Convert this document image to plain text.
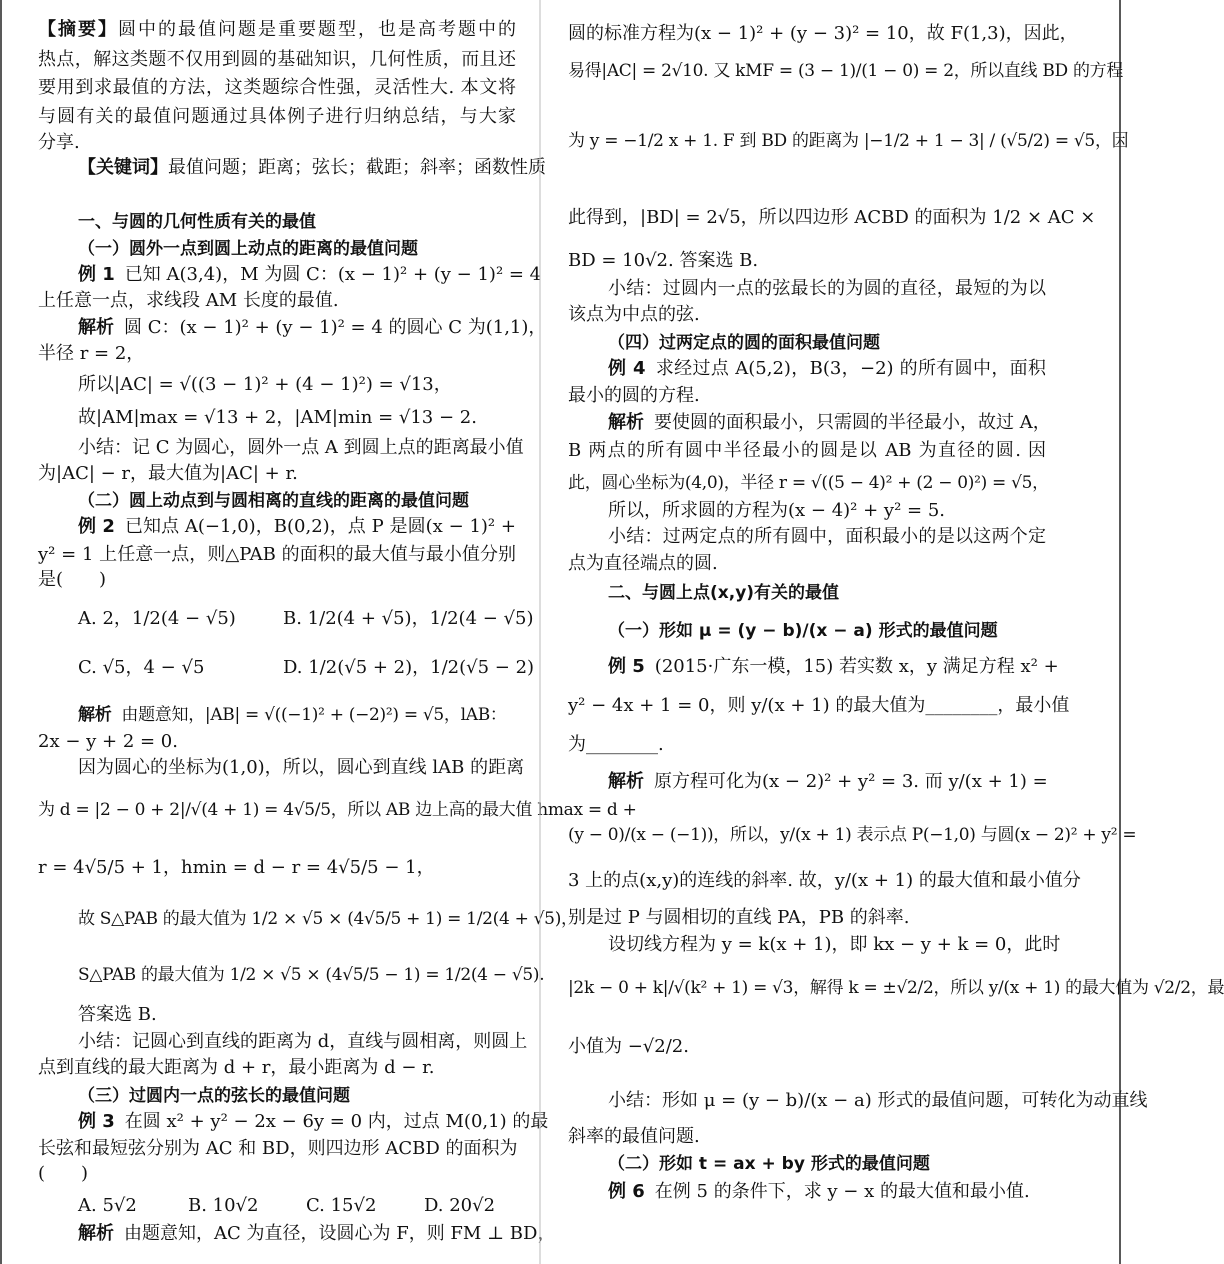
【摘要】圆中的最值问题是重要题型，也是高考题中的
热点，解这类题不仅用到圆的基础知识，几何性质，而且还
要用到求最值的方法，这类题综合性强，灵活性大. 本文将
与圆有关的最值问题通过具体例子进行归纳总结，与大家
分享.
【关键词】最值问题；距离；弦长；截距；斜率；函数性质
一、与圆的几何性质有关的最值
（一）圆外一点到圆上动点的距离的最值问题
例 1 已知 A(3,4)，M 为圆 C：(x − 1)² + (y − 1)² = 4
上任意一点，求线段 AM 长度的最值.
解析 圆 C：(x − 1)² + (y − 1)² = 4 的圆心 C 为(1,1)，
半径 r = 2，
所以|AC| = √((3 − 1)² + (4 − 1)²) = √13，
故|AM|max = √13 + 2，|AM|min = √13 − 2.
小结：记 C 为圆心，圆外一点 A 到圆上点的距离最小值
为|AC| − r，最大值为|AC| + r.
（二）圆上动点到与圆相离的直线的距离的最值问题
例 2 已知点 A(−1,0)，B(0,2)，点 P 是圆(x − 1)² +
y² = 1 上任意一点，则△PAB 的面积的最大值与最小值分别
是(　　)
A. 2，1/2(4 − √5)	B. 1/2(4 + √5)，1/2(4 − √5)
C. √5，4 − √5	D. 1/2(√5 + 2)，1/2(√5 − 2)
解析 由题意知，|AB| = √((−1)² + (−2)²) = √5，lAB：
2x − y + 2 = 0.
因为圆心的坐标为(1,0)，所以，圆心到直线 lAB 的距离
为 d = |2 − 0 + 2|/√(4 + 1) = 4√5/5，所以 AB 边上高的最大值 hmax = d +
r = 4√5/5 + 1，hmin = d − r = 4√5/5 − 1，
故 S△PAB 的最大值为 1/2 × √5 × (4√5/5 + 1) = 1/2(4 + √5)，
S△PAB 的最大值为 1/2 × √5 × (4√5/5 − 1) = 1/2(4 − √5).
答案选 B.
小结：记圆心到直线的距离为 d，直线与圆相离，则圆上
点到直线的最大距离为 d + r，最小距离为 d − r.
（三）过圆内一点的弦长的最值问题
例 3 在圆 x² + y² − 2x − 6y = 0 内，过点 M(0,1) 的最
长弦和最短弦分别为 AC 和 BD，则四边形 ACBD 的面积为
(　　)
A. 5√2	B. 10√2	C. 15√2	D. 20√2
解析 由题意知，AC 为直径，设圆心为 F，则 FM ⊥ BD，
圆的标准方程为(x − 1)² + (y − 3)² = 10，故 F(1,3)，因此，
易得|AC| = 2√10. 又 kMF = (3 − 1)/(1 − 0) = 2，所以直线 BD 的方程
为 y = −1/2 x + 1. F 到 BD 的距离为 |−1/2 + 1 − 3| / (√5/2) = √5，因
此得到，|BD| = 2√5，所以四边形 ACBD 的面积为 1/2 × AC ×
BD = 10√2. 答案选 B.
小结：过圆内一点的弦最长的为圆的直径，最短的为以
该点为中点的弦.
（四）过两定点的圆的面积最值问题
例 4 求经过点 A(5,2)，B(3，−2) 的所有圆中，面积
最小的圆的方程.
解析 要使圆的面积最小，只需圆的半径最小，故过 A，
B 两点的所有圆中半径最小的圆是以 AB 为直径的圆. 因
此，圆心坐标为(4,0)，半径 r = √((5 − 4)² + (2 − 0)²) = √5，
所以，所求圆的方程为(x − 4)² + y² = 5.
小结：过两定点的所有圆中，面积最小的是以这两个定
点为直径端点的圆.
二、与圆上点(x,y)有关的最值
（一）形如 μ = (y − b)/(x − a) 形式的最值问题
例 5 (2015·广东一模，15) 若实数 x，y 满足方程 x² +
y² − 4x + 1 = 0，则 y/(x + 1) 的最大值为________，最小值
为________.
解析 原方程可化为(x − 2)² + y² = 3. 而 y/(x + 1) =
(y − 0)/(x − (−1))，所以，y/(x + 1) 表示点 P(−1,0) 与圆(x − 2)² + y² =
3 上的点(x,y)的连线的斜率. 故，y/(x + 1) 的最大值和最小值分
别是过 P 与圆相切的直线 PA，PB 的斜率.
设切线方程为 y = k(x + 1)，即 kx − y + k = 0，此时
|2k − 0 + k|/√(k² + 1) = √3，解得 k = ±√2/2，所以 y/(x + 1) 的最大值为 √2/2，最
小值为 −√2/2.
小结：形如 μ = (y − b)/(x − a) 形式的最值问题，可转化为动直线
斜率的最值问题.
（二）形如 t = ax + by 形式的最值问题
例 6 在例 5 的条件下，求 y − x 的最大值和最小值.
